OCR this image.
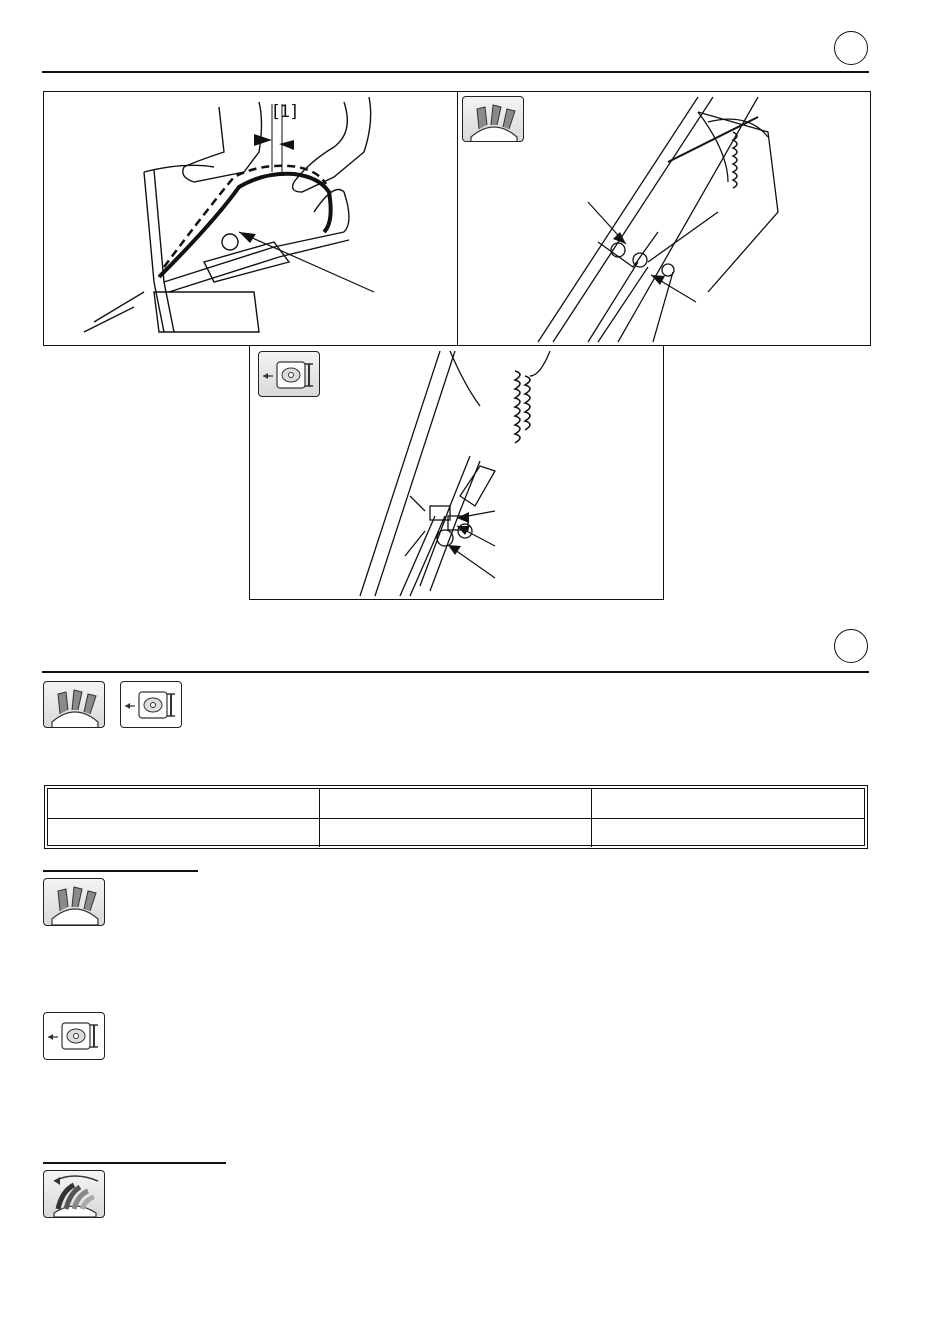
[1]
